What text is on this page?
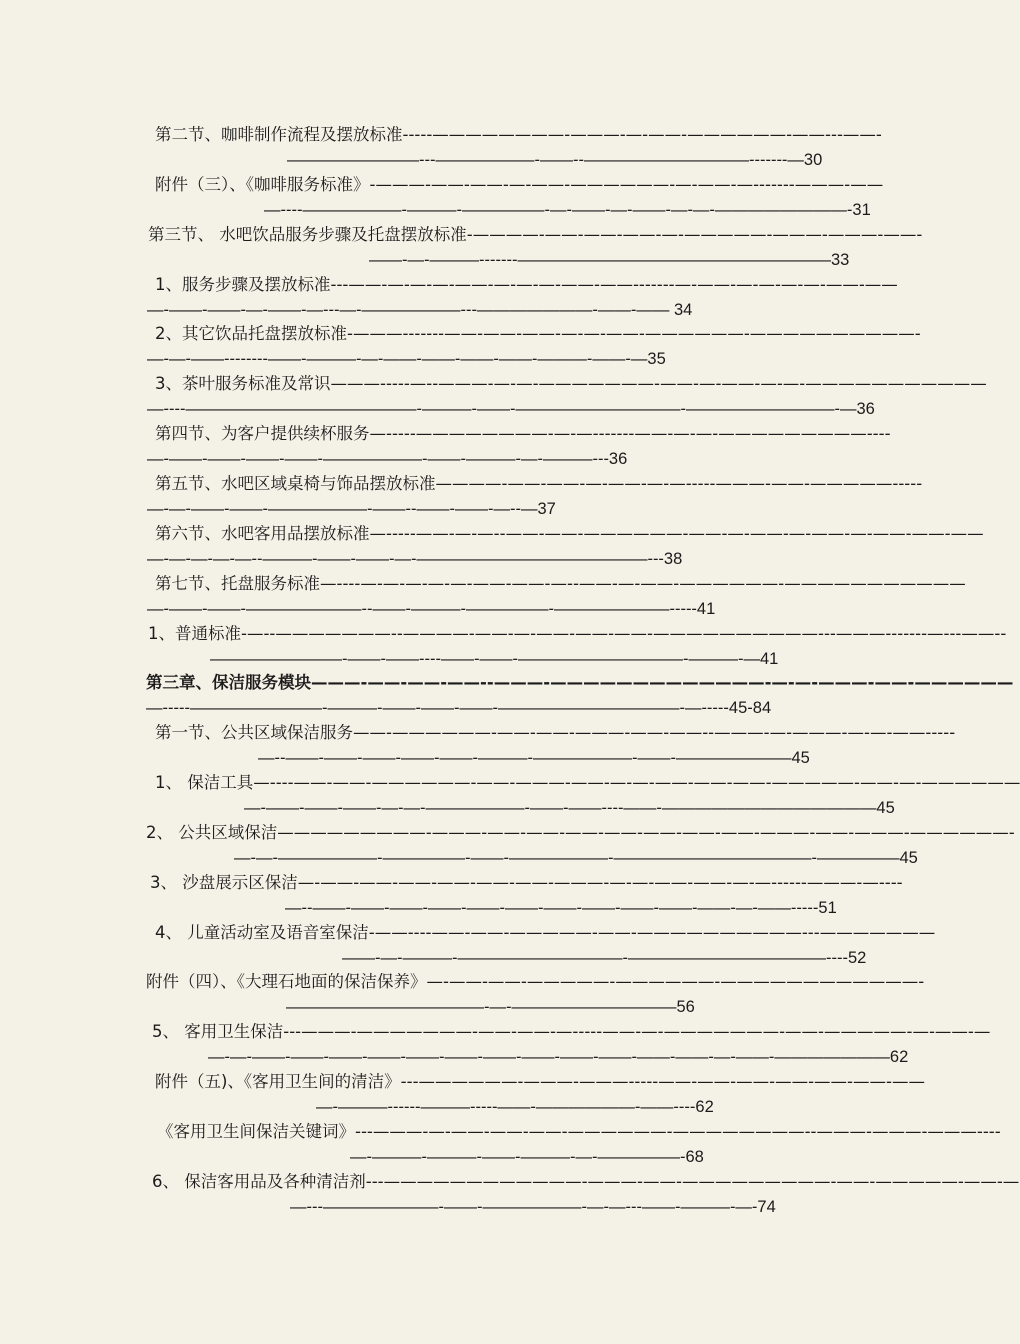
第二节、咖啡制作流程及摆放标准-----————————-———-—-——-——————-——---——-
————————---——————-——--——————————-------—30
附件（三）、《咖啡服务标准》-———-——-——-—-——-——————-—-——-—-------———-——
—----——————-———-—————-—-——-—-——-—-—-————————-31
第三节、 水吧饮品服务步骤及托盘摆放标准-————-——-——-——-—-—————-———-———-——-
——-—-———-------———————————————————33
1、服务步骤及摆放标准---——-—-—-—-——-—-—-—-——-——-------—-——-—-—-—-—-——-——
—-——-——-—-——-—---—-——————---———————-——-—— 34
2、其它饮品托盘摆放标准-———-------——-——-——-—-—-——-——————-——————————-
—-—-——--------——-———-—-——-——-——-——-———-——-—35
3、茶叶服务标准及常识———-----—--———-—-—-———————-——-—-——-—-—-———————————
—----——————————————-———-——-——————————-—————————-—36
第四节、为客户提供续杯服务—-----————————-—-—-------——-—-—-—————————----
—-——-——-——-——-——————-——-———-—-———---36
第五节、水吧区域桌椅与饰品摆放标准————-——-——-—-——-—-—-----———-——-—————-----
—-—-——-——-——————-——--——-——-—--—37
第六节、水吧客用品摆放标准—-----——-—-—--——-——-——————-——-—-——-—-——-—-——-——-——
—-—-—-—-—--———-——-——-—-——————————————---38
第七节、托盘服务标准—----—-—-—-—-—-——-——-—--——-—-——-——————-———————————
—-——-——-———————--——-———-—————-———————-----41
1、普通标准-—--———————--————-——-—-——-——-——-——————————---———-------—---——--
————————-——-——----——-——-——————————-———-—41
第三章、保洁服务模块———-——-——-——--———-—————————————-—-—-———-——-——————
—-----————————-———-——-——-——-———————————-—-----45-84
第一节、公共区域保洁服务——-——————-——-——-———-——-——--———-—-———-—-—-——-----
—--——-——-——-——-——-———-——————-——-———————45
1、 保洁工具—----——-——-——————-——-———-——-—-—-——-——-——-—————-——-—-——————
—-——-——-——-—-—-——————-——-——----——-—————————————45
2、 公共区域保洁—————————-———-——-——-——-——-——-——-——-———-——-———-——————-
—-—-——————-—————-——-——————-————————————-—————45
3、 沙盘展示区保洁—-——-——-——-——-——-——-———-—-—-——-——-—-—------———-—----
—--——-——-——-——-——-——-——-——-——-——-——-—-——-----51
4、 儿童活动室及语音室保洁-——----——-——-—————-——-——————————---———————
——-—-———-——————————-————————————----52
附件（四）、《大理石地面的保洁保养》—-——-——-—————-——————-————————————-
————————————-—-——————————56
5、 客用卫生保洁---———-———————-——-——-—-----——-—-———————-——-—————-—-——-—
—-—-——-——-——-——-——-——-——-——-——-——-——-——-—-——-———————62
附件（五)、《客用卫生间的清洁》---——————-———-———-----——-——-——-——-——-——-——
—-———------———-----——-——————-——----62
《客用卫生间保洁关键词》---———-—-——-——-——-——————-————————--———-———-———----
—-———-———-——-———-—-—————-68
6、 保洁客用品及各种清洁剂---————————————-———-——-—————————-——-—————-——-—
—---———————-——-——————-—-—---——-———-—-74
